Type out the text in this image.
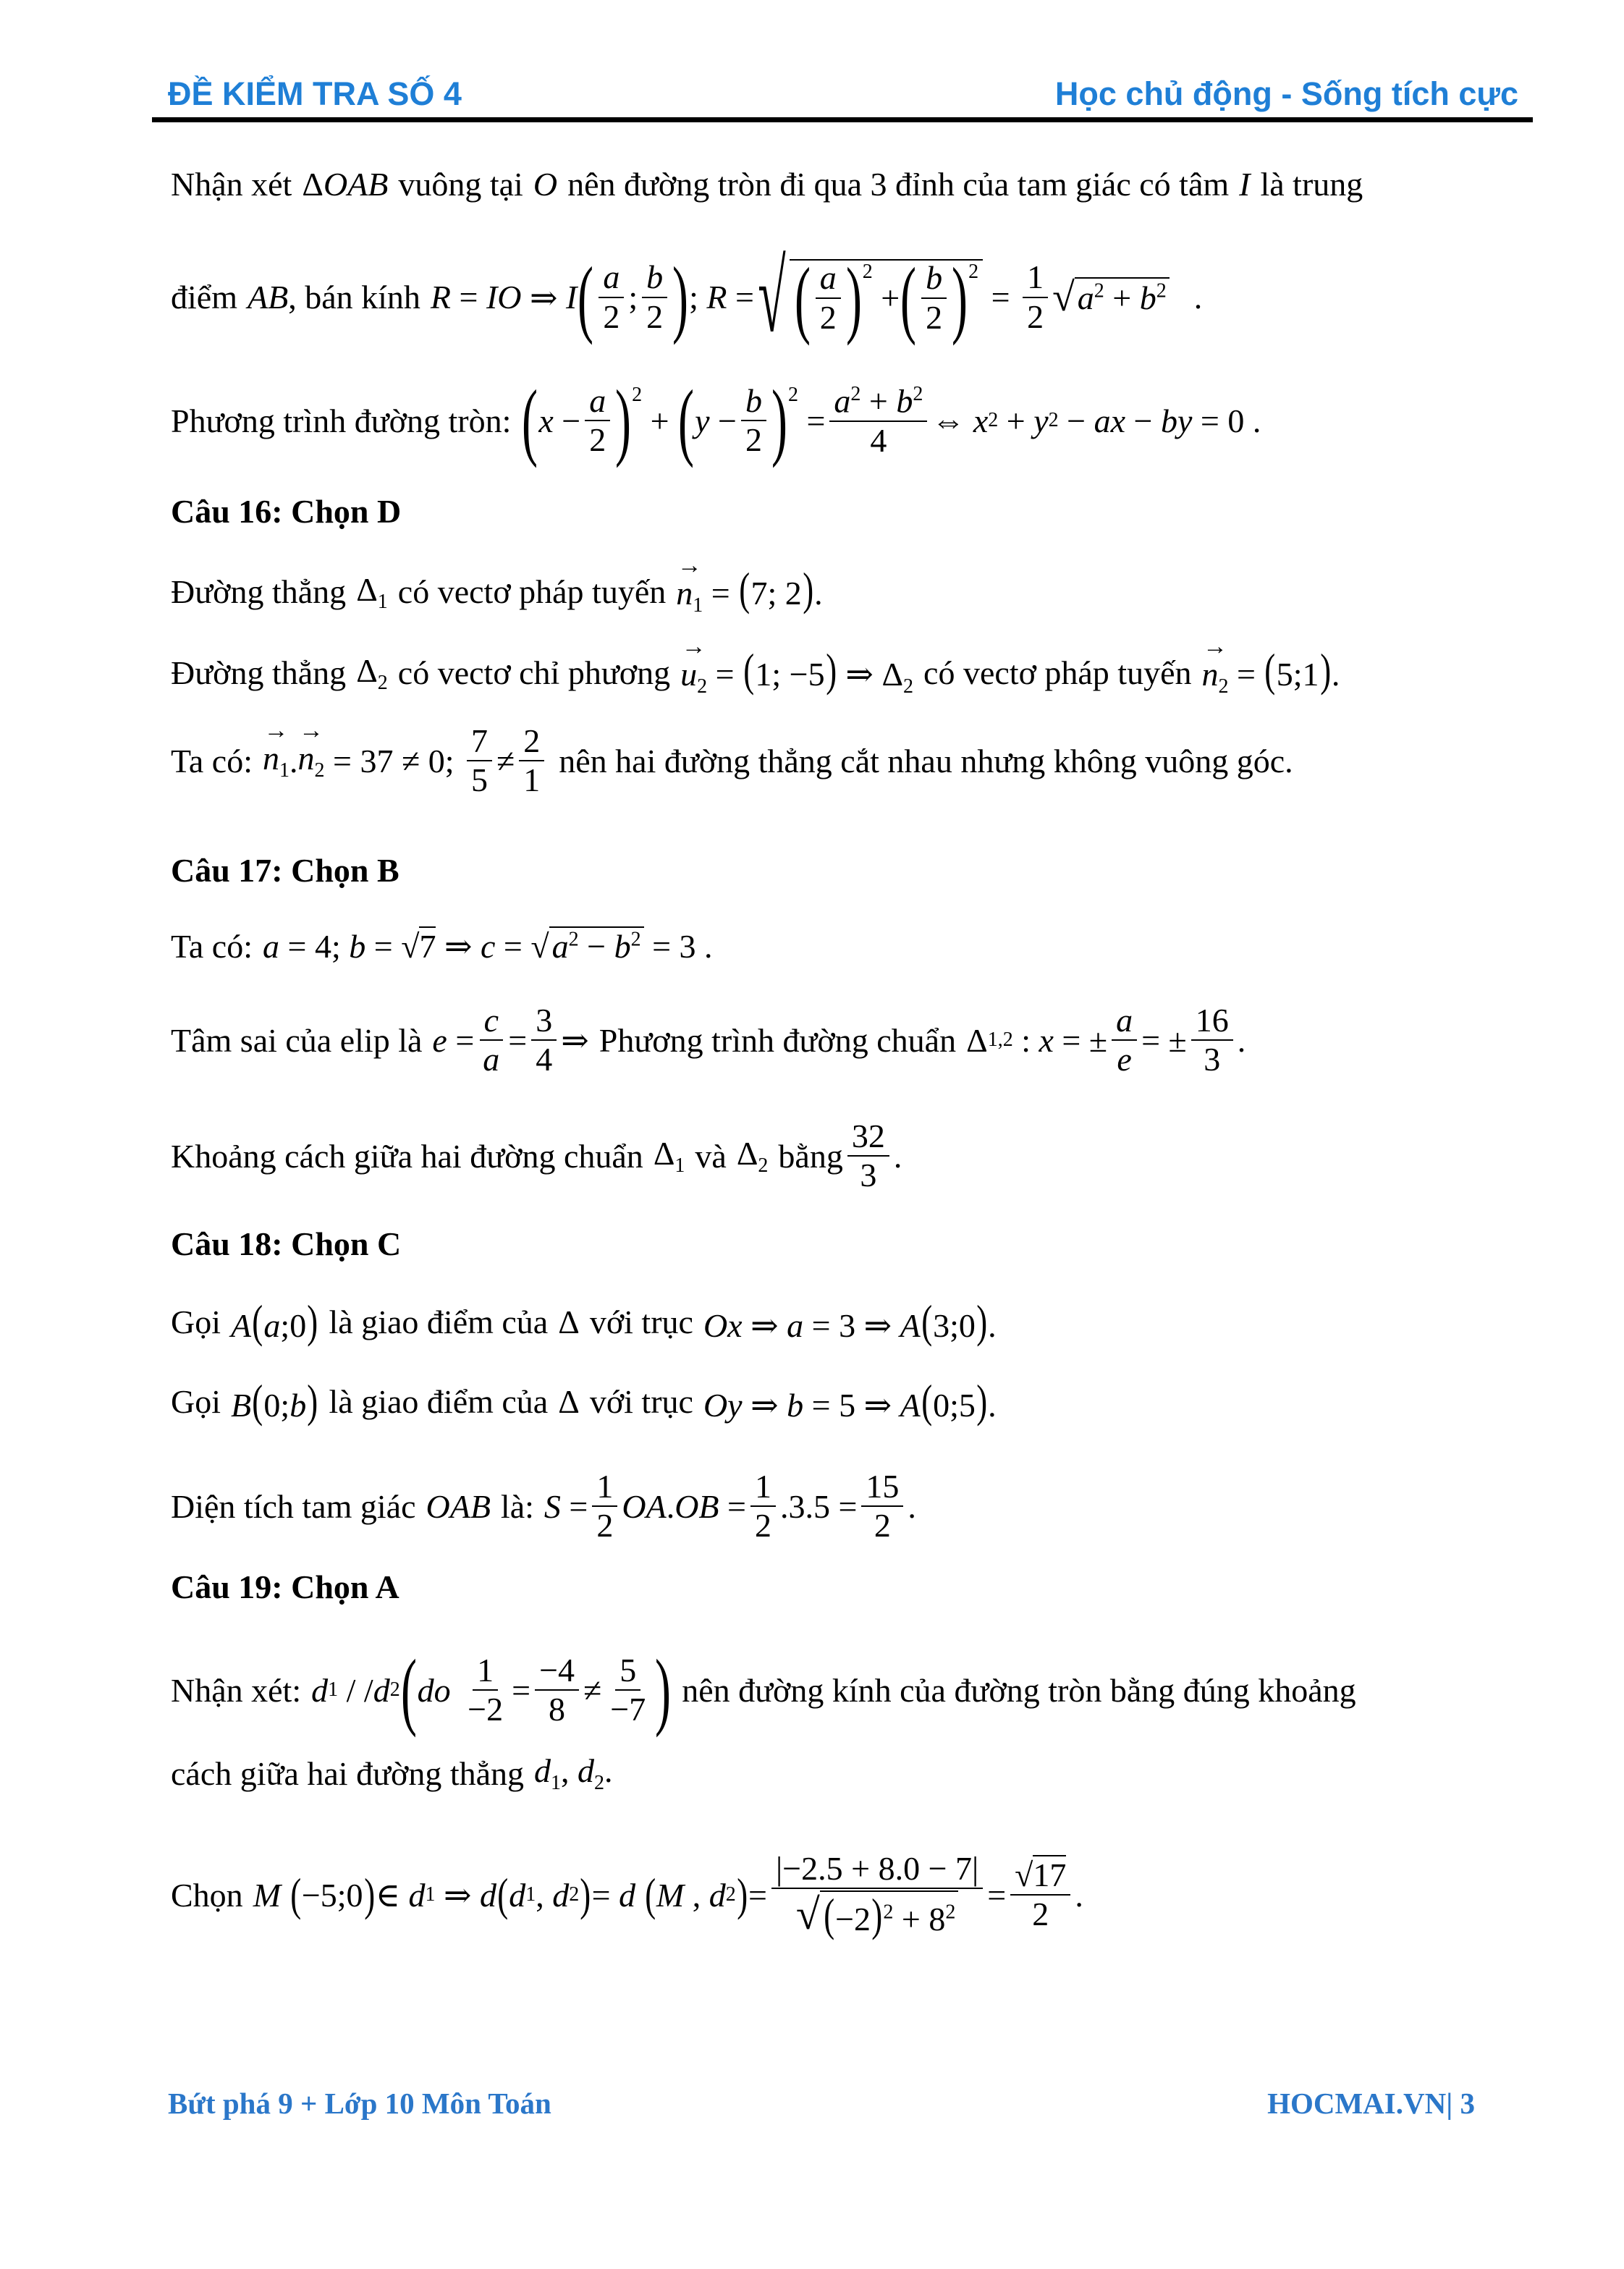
ĐỀ KIỂM TRA SỐ 4	Học chủ động - Sống tích cực
Nhận xét ΔOAB vuông tại O nên đường tròn đi qua 3 đỉnh của tam giác có tâm I là trung
điểm AB , bán kính R = IO ⇒ I ( $\frac{a}{2}$ ; $\frac{b}{2}$ ) ; R = √ ( $\frac{a}{2} )^2$
+ ( $\frac{b}{2} )^2$
= $\frac{1}{2}$ √ $a^2 + b^2$ .
Phương trình đường tròn: ( $x - \frac{a}{2} )^2$
+ ( $y - \frac{b}{2} )^2$
= $\frac{a^2 + b^2}{4}$ ⇔ x 2 + y 2 − ax − by = 0 .
Câu 16: Chọn D
Đường thẳng $\Delta_1$ có vectơ pháp tuyến → $n_1 = (7$; 2).
Đường thẳng $\Delta_2$ có vectơ chỉ phương → $u_2 = (1$; −5) ⇒ $\Delta_2$ có vectơ pháp tuyến → $n_2$ = (5;1).
Ta có: → $n_1$ . → $n_2 = 37 \ne 0$; $\frac{7}{5} \ne \frac{2}{1}$ nên hai đường thẳng cắt nhau nhưng không vuông góc.
Câu 17: Chọn B
Ta có: a = 4; b = √7 ⇒ $c = √a^2 - b^2 = 3$ .
Tâm sai của elip là $e = \frac{c}{a} = \frac{3}{4}$ ⇒ Phương trình đường chuẩn Δ 1,2 : x = ± $\frac{a}{e}$ = ± $\frac{16}{3}$ .
Khoảng cách giữa hai đường chuẩn $\Delta_1$ và $\Delta_2$ bằng $\frac{32}{3}$ .
Câu 18: Chọn C
Gọi A(a;0) là giao điểm của Δ với trục Ox ⇒ a = 3 ⇒ A(3;0).
Gọi B(0;b) là giao điểm của Δ với trục Oy ⇒ b = 5 ⇒ A(0;5).
Diện tích tam giác OAB là: $S = \frac{1}{2}$ OA . OB = $\frac{1}{2} .3.5 = \frac{15}{2}$ .
Câu 19: Chọn A
Nhận xét: d 1 / / d 2 ( do
$\frac{1}{-2} = \frac{-4}{8} \ne \frac{5}{-7}$ ) nên đường kính của đường tròn bằng đúng khoảng
cách giữa hai đường thẳng $d_1$, $d_2$.
Chọn M
( −5;0 ) ∈ d 1 ⇒ d ( d 1 , d 2 ) = d
( M , d 2 ) = $\frac{|-2.5 + 8.0 - 7|}{√ (-2)^2 + 8^2} = \frac{√17}{2}$ .
Bứt phá 9 + Lớp 10 Môn Toán	HOCMAI.VN| 3
